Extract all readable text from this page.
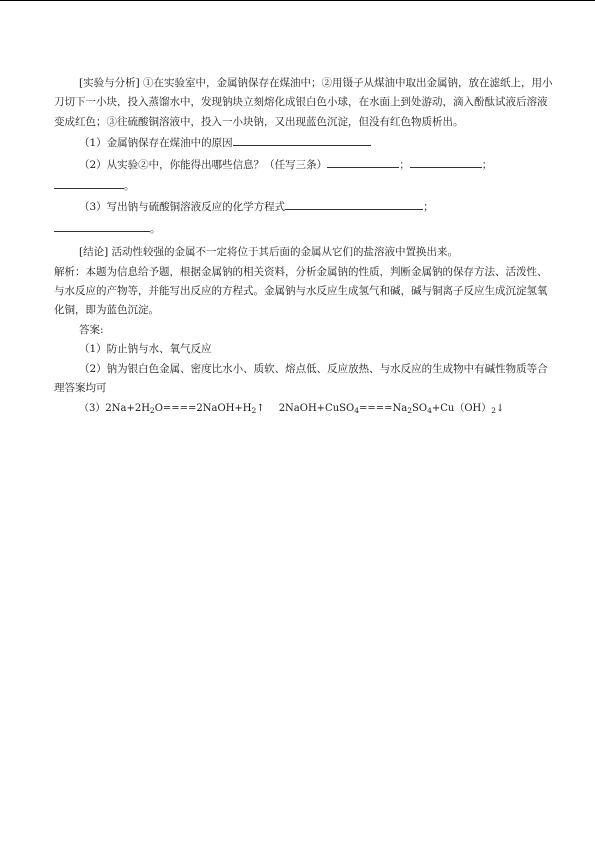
[实验与分析] ①在实验室中，金属钠保存在煤油中；②用镊子从煤油中取出金属钠，放在滤纸上，用小刀切下一小块，投入蒸馏水中，发现钠块立刻熔化成银白色小球，在水面上到处游动，滴入酚酞试液后溶液变成红色；③往硫酸铜溶液中，投入一小块钠，又出现蓝色沉淀，但没有红色物质析出。

（1）金属钠保存在煤油中的原因

（2）从实验②中，你能得出哪些信息？（任写三条）	；	；

。

（3）写出钠与硫酸铜溶液反应的化学方程式	；

。

[结论] 活动性较强的金属不一定将位于其后面的金属从它们的盐溶液中置换出来。

解析：本题为信息给予题，根据金属钠的相关资料，分析金属钠的性质，判断金属钠的保存方法、活泼性、与水反应的产物等，并能写出反应的方程式。金属钠与水反应生成氢气和碱，碱与铜离子反应生成沉淀氢氧化铜，即为蓝色沉淀。

答案:

（1）防止钠与水、氧气反应

（2）钠为银白色金属、密度比水小、质软、熔点低、反应放热、与水反应的生成物中有碱性物质等合理答案均可

（3） $2Na+2H_2O====2NaOH+H_2↑$ $2NaOH+CuSO_4====Na_2SO_4+Cu(OH)_2↓$
